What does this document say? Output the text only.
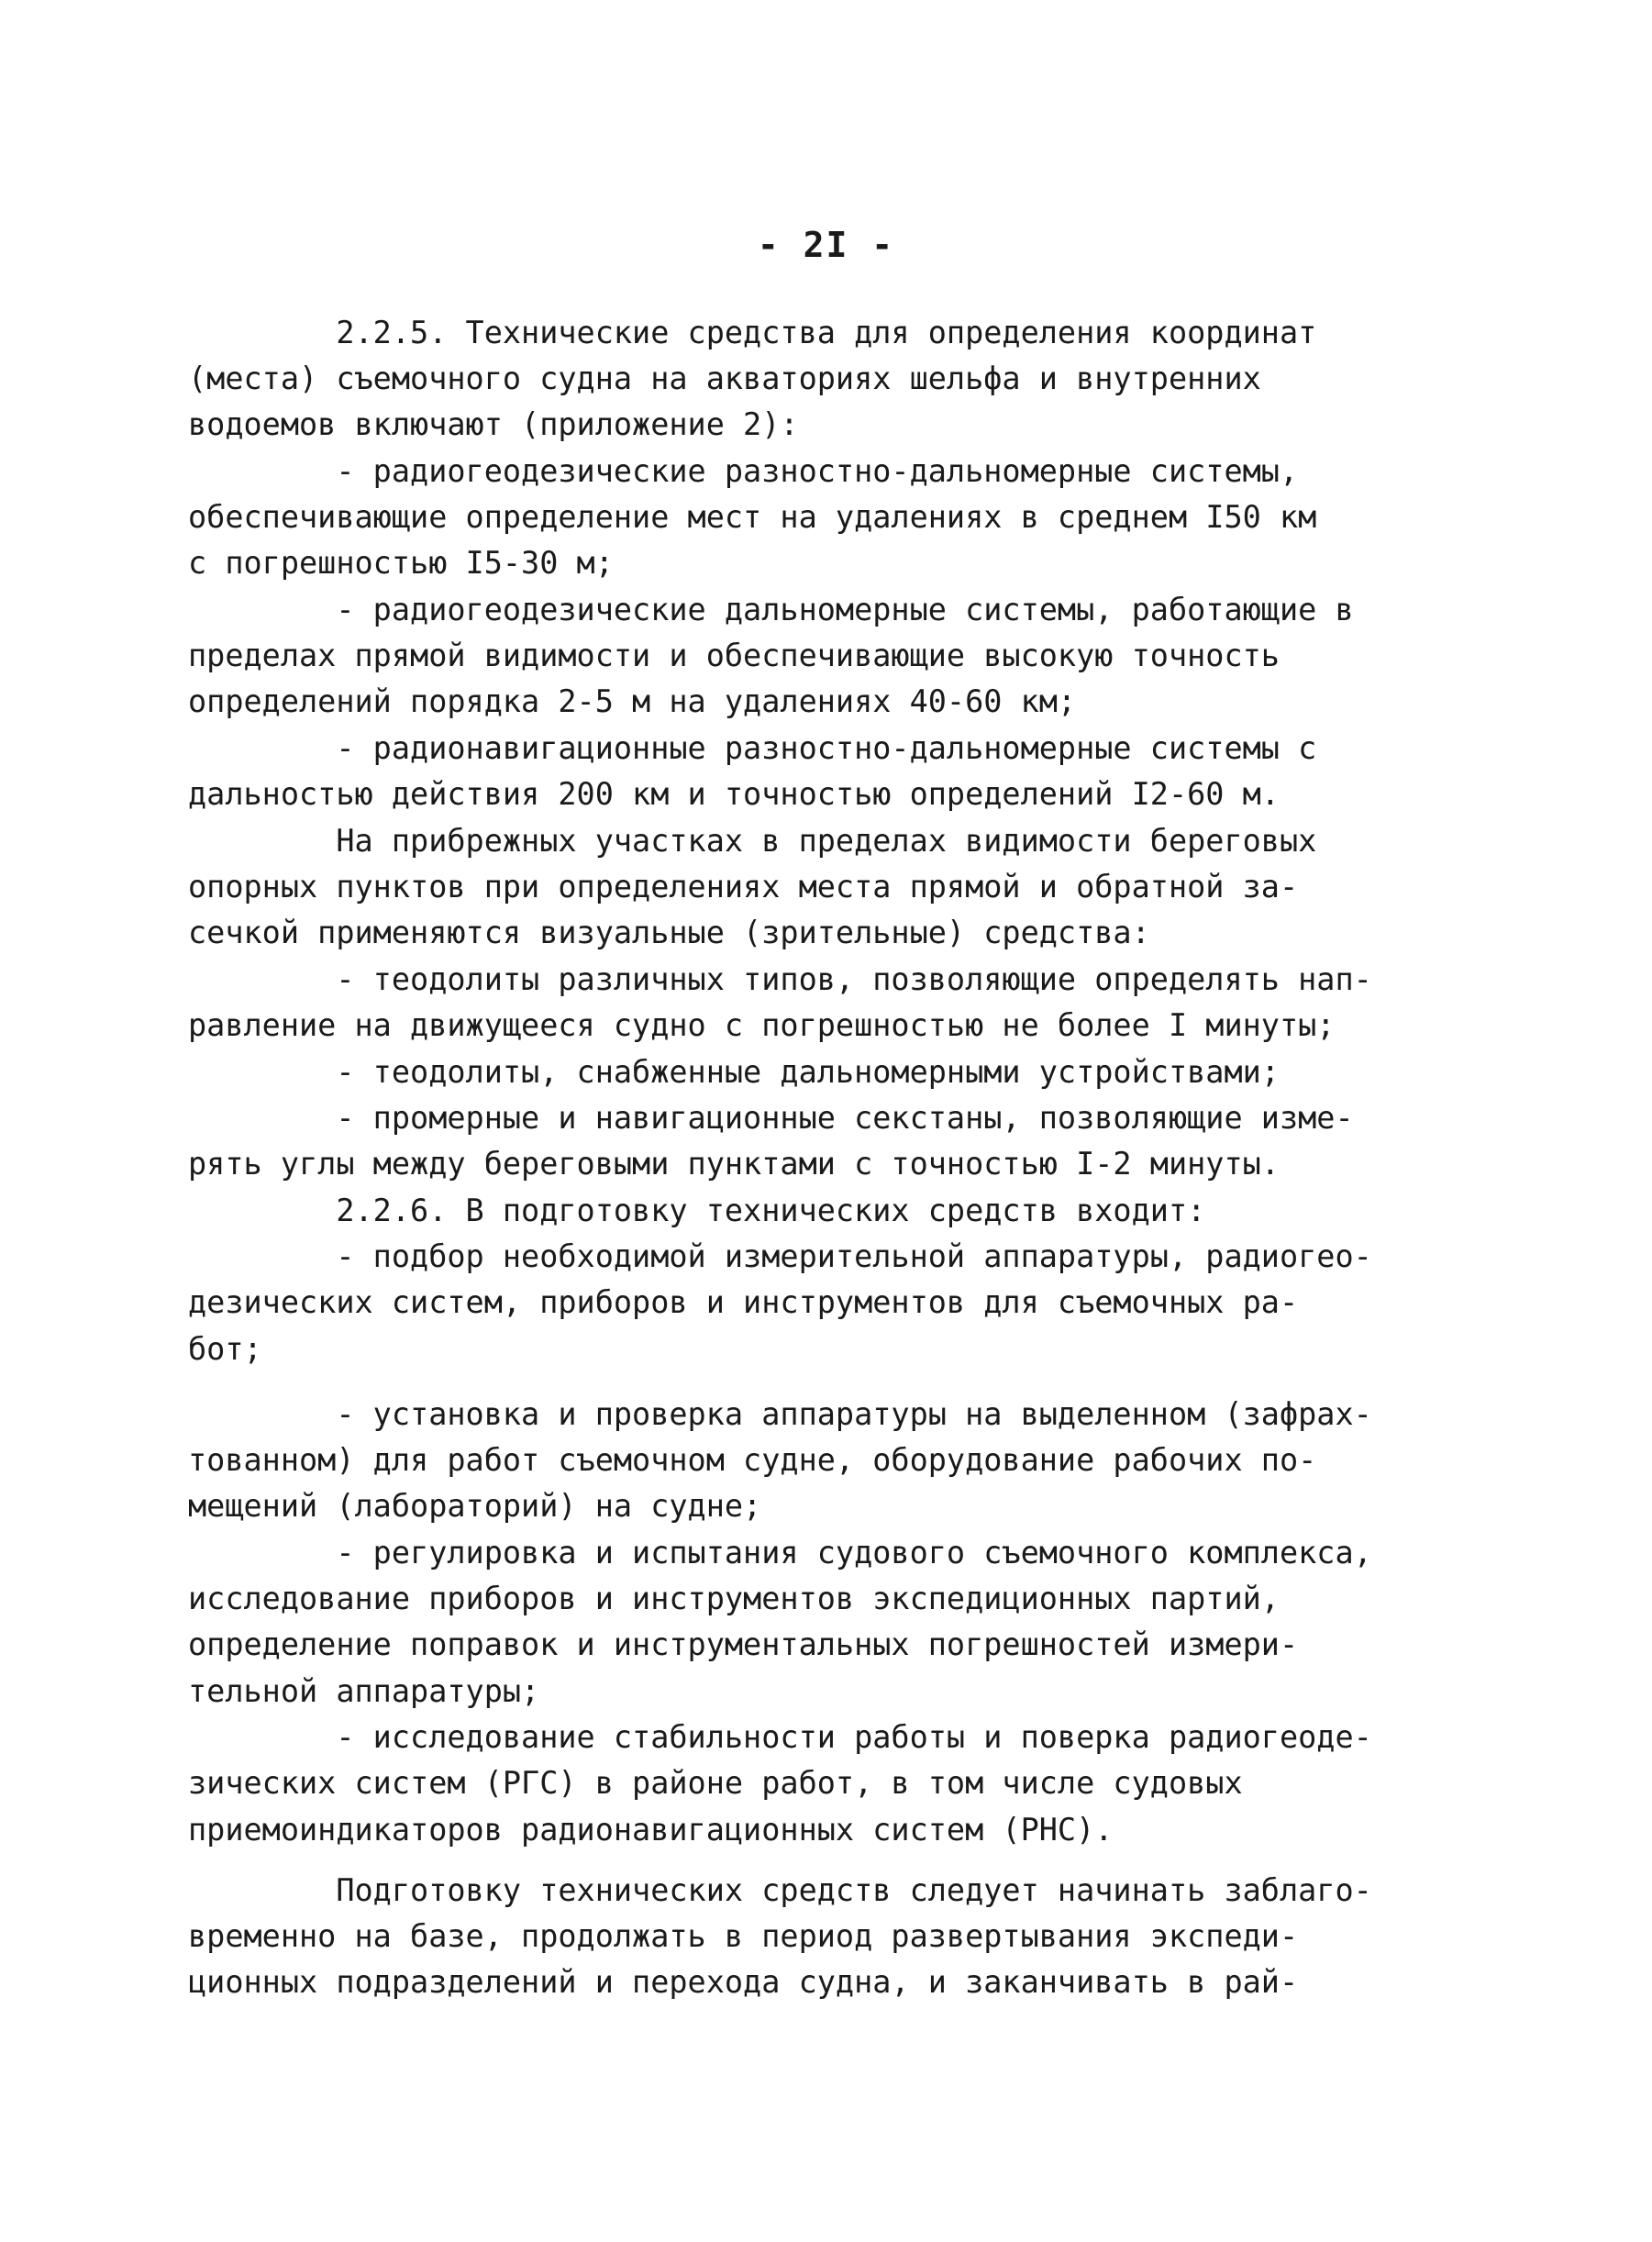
- 2I -
2.2.5. Технические средства для определения координат
(места) съемочного судна на акваториях шельфа и внутренних
водоемов включают (приложение 2):
- радиогеодезические разностно-дальномерные системы,
обеспечивающие определение мест на удалениях в среднем I50 км
с погрешностью I5-30 м;
- радиогеодезические дальномерные системы, работающие в
пределах прямой видимости и обеспечивающие высокую точность
определений порядка 2-5 м на удалениях 40-60 км;
- радионавигационные разностно-дальномерные системы с
дальностью действия 200 км и точностью определений I2-60 м.
На прибрежных участках в пределах видимости береговых
опорных пунктов при определениях места прямой и обратной за-
сечкой применяются визуальные (зрительные) средства:
- теодолиты различных типов, позволяющие определять нап-
равление на движущееся судно с погрешностью не более I минуты;
- теодолиты, снабженные дальномерными устройствами;
- промерные и навигационные секстаны, позволяющие изме-
рять углы между береговыми пунктами с точностью I-2 минуты.
2.2.6. В подготовку технических средств входит:
- подбор необходимой измерительной аппаратуры, радиогео-
дезических систем, приборов и инструментов для съемочных ра-
бот;
- установка и проверка аппаратуры на выделенном (зафрах-
тованном) для работ съемочном судне, оборудование рабочих по-
мещений (лабораторий) на судне;
- регулировка и испытания судового съемочного комплекса,
исследование приборов и инструментов экспедиционных партий,
определение поправок и инструментальных погрешностей измери-
тельной аппаратуры;
- исследование стабильности работы и поверка радиогеоде-
зических систем (РГС) в районе работ, в том числе судовых
приемоиндикаторов радионавигационных систем (РНС).
Подготовку технических средств следует начинать заблаго-
временно на базе, продолжать в период развертывания экспеди-
ционных подразделений и перехода судна, и заканчивать в рай-
